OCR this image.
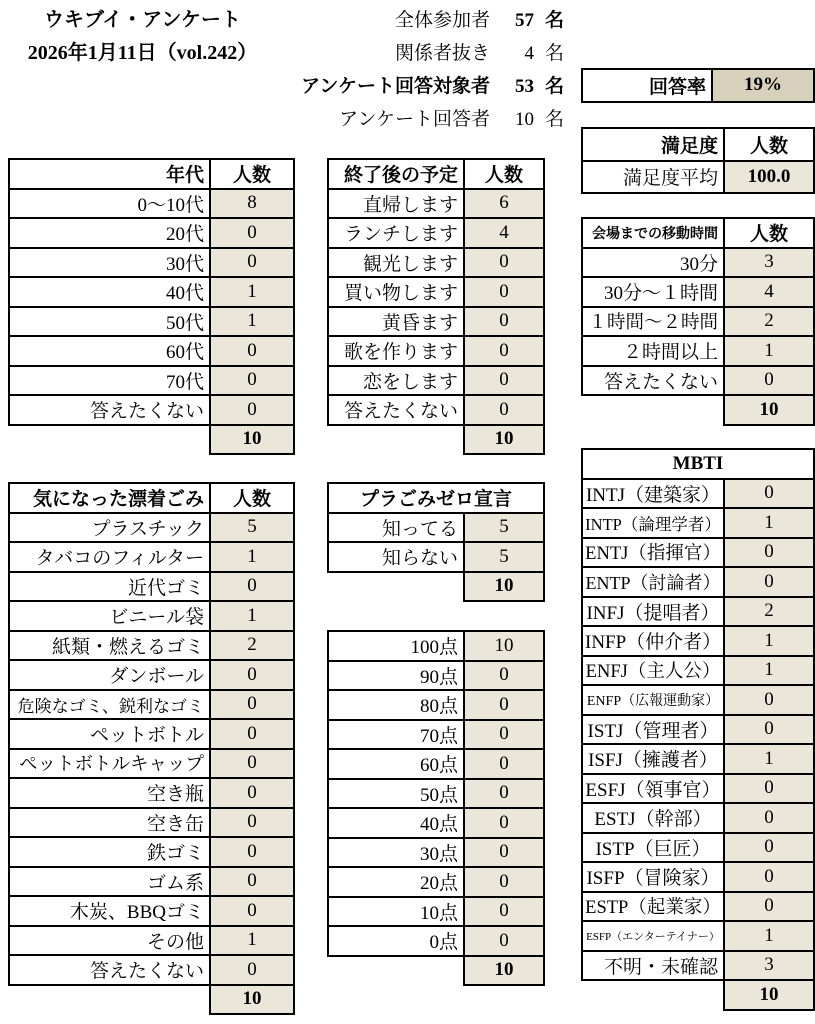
ウキブイ・アンケート
2026年1月11日（vol.242）
全体参加者	57 名
関係者抜き	4 名
アンケート回答対象者	53 名
アンケート回答者	10 名
回答率	19%
満足度	人数
満足度平均	100.0
年代	人数
0～10代	8
20代	0
30代	0
40代	1
50代	1
60代	0
70代	0
答えたくない	0
	10
終了後の予定	人数
直帰します	6
ランチします	4
観光します	0
買い物します	0
黄昏ます	0
歌を作ります	0
恋をします	0
答えたくない	0
	10
会場までの移動時間	人数
30分	3
30分～１時間	4
１時間～２時間	2
２時間以上	1
答えたくない	0
	10
気になった漂着ごみ	人数
プラスチック	5
タバコのフィルター	1
近代ゴミ	0
ビニール袋	1
紙類・燃えるゴミ	2
ダンボール	0
危険なゴミ、鋭利なゴミ	0
ペットボトル	0
ペットボトルキャップ	0
空き瓶	0
空き缶	0
鉄ゴミ	0
ゴム系	0
木炭、BBQゴミ	0
その他	1
答えたくない	0
	10
プラごみゼロ宣言	
知ってる	5
知らない	5
	10
100点	10
90点	0
80点	0
70点	0
60点	0
50点	0
40点	0
30点	0
20点	0
10点	0
0点	0
	10
MBTI	
INTJ（建築家）	0
INTP（論理学者）	1
ENTJ（指揮官）	0
ENTP（討論者）	0
INFJ（提唱者）	2
INFP（仲介者）	1
ENFJ（主人公）	1
ENFP（広報運動家）	0
ISTJ（管理者）	0
ISFJ（擁護者）	1
ESFJ（領事官）	0
ESTJ（幹部）	0
ISTP（巨匠）	0
ISFP（冒険家）	0
ESTP（起業家）	0
ESFP（エンターテイナー）	1
不明・未確認	3
	10
